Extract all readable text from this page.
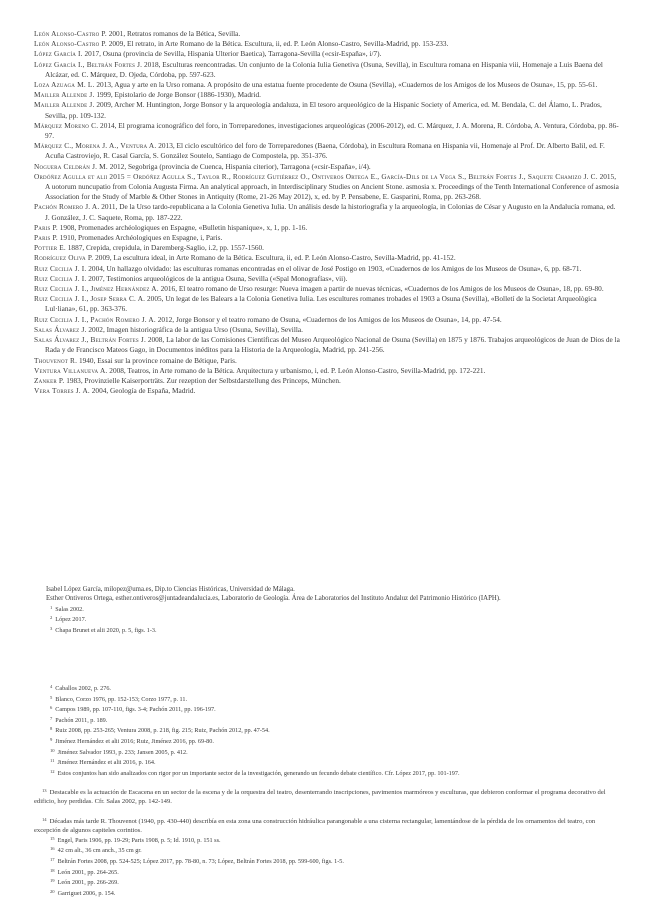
León Alonso-Castro P. 2001, Retratos romanos de la Bética, Sevilla.

León Alonso-Castro P. 2009, El retrato, in Arte Romano de la Bética. Escultura, ii, ed. P. León Alonso-Castro, Sevilla-Madrid, pp. 153-233.

López García I. 2017, Osuna (provincia de Sevilla, Hispania Ulterior Baetica), Tarragona-Sevilla («csir-España», i/7).

López García I., Beltrán Fortes J. 2018, Esculturas reencontradas. Un conjunto de la Colonia Iulia Genetiva (Osuna, Sevilla), in Escultura romana en Hispania viii, Homenaje a Luis Baena del Alcázar, ed. C. Márquez, D. Ojeda, Córdoba, pp. 597-623.

Loza Azuaga M. L. 2013, Agua y arte en la Urso romana. A propósito de una estatua fuente procedente de Osuna (Sevilla), «Cuadernos de los Amigos de los Museos de Osuna», 15, pp. 55-61.

Mailler Allende J. 1999, Epistolario de Jorge Bonsor (1886-1930), Madrid.

Mailler Allende J. 2009, Archer M. Huntington, Jorge Bonsor y la arqueología andaluza, in El tesoro arqueológico de la Hispanic Society of America, ed. M. Bendala, C. del Álamo, L. Prados, Sevilla, pp. 109-132.

Márquez Moreno C. 2014, El programa iconográfico del foro, in Torreparedones, investigaciones arqueológicas (2006-2012), ed. C. Márquez, J. A. Morena, R. Córdoba, A. Ventura, Córdoba, pp. 86-97.

Márquez C., Morena J. A., Ventura A. 2013, El ciclo escultórico del foro de Torreparedones (Baena, Córdoba), in Escultura Romana en Hispania vii, Homenaje al Prof. Dr. Alberto Balil, ed. F. Acuña Castroviejo, R. Casal García, S. González Soutelo, Santiago de Compostela, pp. 351-376.

Noguera Celdrán J. M. 2012, Segobriga (provincia de Cuenca, Hispania citerior), Tarragona («csir-España», i/4).

Ordóñez Agulla et alii 2015 = Ordóñez Agulla S., Taylor R., Rodríguez Gutiérrez O., Ontiveros Ortega E., García-Dils de la Vega S., Beltrán Fortes J., Saquete Chamizo J. C. 2015, A uotorum nuncupatio from Colonia Augusta Firma. An analytical approach, in Interdisciplinary Studies on Ancient Stone. asmosia x. Proceedings of the Tenth International Conference of asmosia Association for the Study of Marble & Other Stones in Antiquity (Rome, 21-26 May 2012), x, ed. by P. Pensabene, E. Gasparini, Roma, pp. 263-268.

Pachón Romero J. A. 2011, De la Urso tardo-republicana a la Colonia Genetiva Iulia. Un análisis desde la historiografía y la arqueología, in Colonias de César y Augusto en la Andalucía romana, ed. J. González, J. C. Saquete, Roma, pp. 187-222.

Paris P. 1908, Promenades archéologiques en Espagne, «Bulletin hispanique», x, 1, pp. 1-16.

Paris P. 1910, Promenades Archéologiques en Espagne, i, Paris.

Pottier E. 1887, Crepida, crepidula, in Daremberg-Saglio, i.2, pp. 1557-1560.

Rodríguez Oliva P. 2009, La escultura ideal, in Arte Romano de la Bética. Escultura, ii, ed. P. León Alonso-Castro, Sevilla-Madrid, pp. 41-152.

Ruiz Cecilia J. I. 2004, Un hallazgo olvidado: las esculturas romanas encontradas en el olivar de José Postigo en 1903, «Cuadernos de los Amigos de los Museos de Osuna», 6, pp. 68-71.

Ruiz Cecilia J. I. 2007, Testimonios arqueológicos de la antigua Osuna, Sevilla («Spal Monografías», vii).

Ruiz Cecilia J. I., Jiménez Hernández A. 2016, El teatro romano de Urso resurge: Nueva imagen a partir de nuevas técnicas, «Cuadernos de los Amigos de los Museos de Osuna», 18, pp. 69-80.

Ruiz Cecilia J. I., Josep Serra C. A. 2005, Un legat de les Balears a la Colonia Genetiva Iulia. Les escultures romanes trobades el 1903 a Osuna (Sevilla), «Bolletí de la Societat Arqueològica Lul·liana», 61, pp. 363-376.

Ruiz Cecilia J. I., Pachón Romero J. A. 2012, Jorge Bonsor y el teatro romano de Osuna, «Cuadernos de los Amigos de los Museos de Osuna», 14, pp. 47-54.

Salas Álvarez J. 2002, Imagen historiográfica de la antigua Urso (Osuna, Sevilla), Sevilla.

Salas Álvarez J., Beltrán Fortes J. 2008, La labor de las Comisiones Científicas del Museo Arqueológico Nacional de Osuna (Sevilla) en 1875 y 1876. Trabajos arqueológicos de Juan de Dios de la Rada y de Francisco Mateos Gago, in Documentos inéditos para la Historia de la Arqueología, Madrid, pp. 241-256.

Thouvenot R. 1940, Essai sur la province romaine de Bétique, Paris.

Ventura Villanueva A. 2008, Teatros, in Arte romano de la Bética. Arquitectura y urbanismo, i, ed. P. León Alonso-Castro, Sevilla-Madrid, pp. 172-221.

Zanker P. 1983, Provinzielle Kaiserporträts. Zur rezeption der Selbstdarstellung des Princeps, München.

Vera Torres J. A. 2004, Geología de España, Madrid.

Isabel López García, milopez@uma.es, Dip.to Ciencias Históricas, Universidad de Málaga.

Esther Ontiveros Ortega, esther.ontiveros@juntadeandalucia.es, Laboratorio de Geología. Área de Laboratorios del Instituto Andaluz del Patrimonio Histórico (IAPH).

$^1$ Salas 2002.

$^2$ López 2017.

$^3$ Chapa Brunet et alii 2020, p. 5, figs. 1-3.

$^4$ Caballos 2002, p. 276.

$^5$ Blanco, Corzo 1976, pp. 152-153; Corzo 1977, p. 11.

$^6$ Campos 1989, pp. 107-110, figs. 3-4; Pachón 2011, pp. 196-197.

$^7$ Pachón 2011, p. 189.

$^8$ Ruiz 2008, pp. 253-265; Ventura 2008, p. 218, fig. 215; Ruiz, Pachón 2012, pp. 47-54.

$^9$ Jiménez Hernández et alii 2016; Ruiz, Jiménez 2016, pp. 69-80.

$^{10}$ Jiménez Salvador 1993, p. 233; Jansen 2005, p. 412.

$^{11}$ Jiménez Hernández et alii 2016, p. 164.

$^{12}$ Estos conjuntos han sido analizados con rigor por un importante sector de la investigación, generando un fecundo debate científico. Cfr. López 2017, pp. 101-197.

$^{13}$ Destacable es la actuación de Escacena en un sector de la escena y de la orquestra del teatro, desenterrando inscripciones, pavimentos marmóreos y esculturas, que debieron conformar el programa decorativo del edificio, hoy perdidas. Cfr. Salas 2002, pp. 142-149.

$^{14}$ Décadas más tarde R. Thouvenot (1940, pp. 430-440) describía en esta zona una construcción hidráulica parangonable a una cisterna rectangular, lamentándose de la pérdida de los ornamentos del teatro, con excepción de algunos capiteles corintios.

$^{15}$ Engel, Paris 1906, pp. 19-29; Paris 1908, p. 5; Id. 1910, p. 151 ss.

$^{16}$ 42 cm alt., 36 cm anch., 35 cm gr.

$^{17}$ Beltrán Fortes 2008, pp. 524-525; López 2017, pp. 78-80, n. 73; López, Beltrán Fortes 2018, pp. 599-600, figs. 1-5.

$^{18}$ León 2001, pp. 264-265.

$^{19}$ León 2001, pp. 266-269.

$^{20}$ Garriguet 2006, p. 154.
